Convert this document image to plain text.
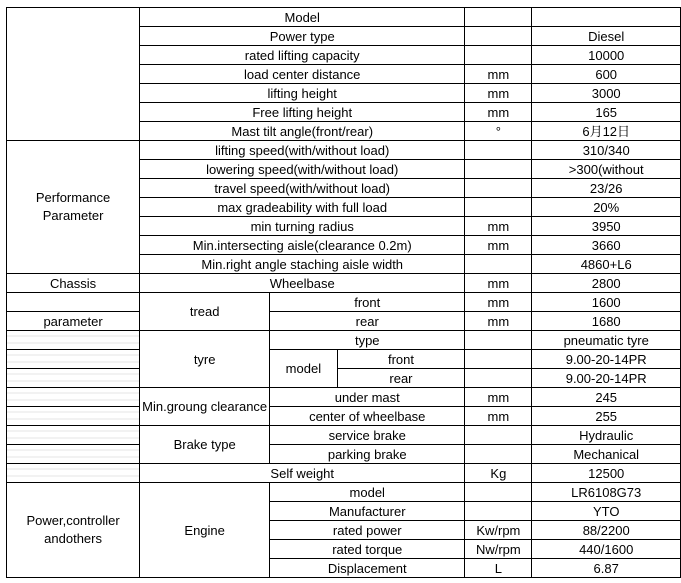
	Model				
	Power type				Diesel
	rated lifting capacity				10000
	load center distance			mm	600
	lifting height			mm	3000
	Free lifting height			mm	165
	Mast tilt angle(front/rear)			°	6月12日
Performance
Parameter	lifting speed(with/without load)				310/340
	lowering speed(with/without load)				>300(without
	travel speed(with/without load)				23/26
	max gradeability with full load				20%
	min turning radius			mm	3950
	Min.intersecting aisle(clearance 0.2m)			mm	3660
	Min.right angle staching aisle width				4860+L6
Chassis	Wheelbase			mm	2800
	tread	front		mm	1600
parameter		rear		mm	1680
	tyre	type			pneumatic tyre
		model	front		9.00-20-14PR
			rear		9.00-20-14PR
	Min.groung clearance	under mast		mm	245
		center of wheelbase		mm	255
	Brake type	service brake			Hydraulic
		parking brake			Mechanical
	Self weight			Kg	12500
Power,controller
andothers	Engine	model			LR6108G73
		Manufacturer			YTO
		rated power		Kw/rpm	88/2200
		rated torque		Nw/rpm	440/1600
		Displacement		L	6.87
